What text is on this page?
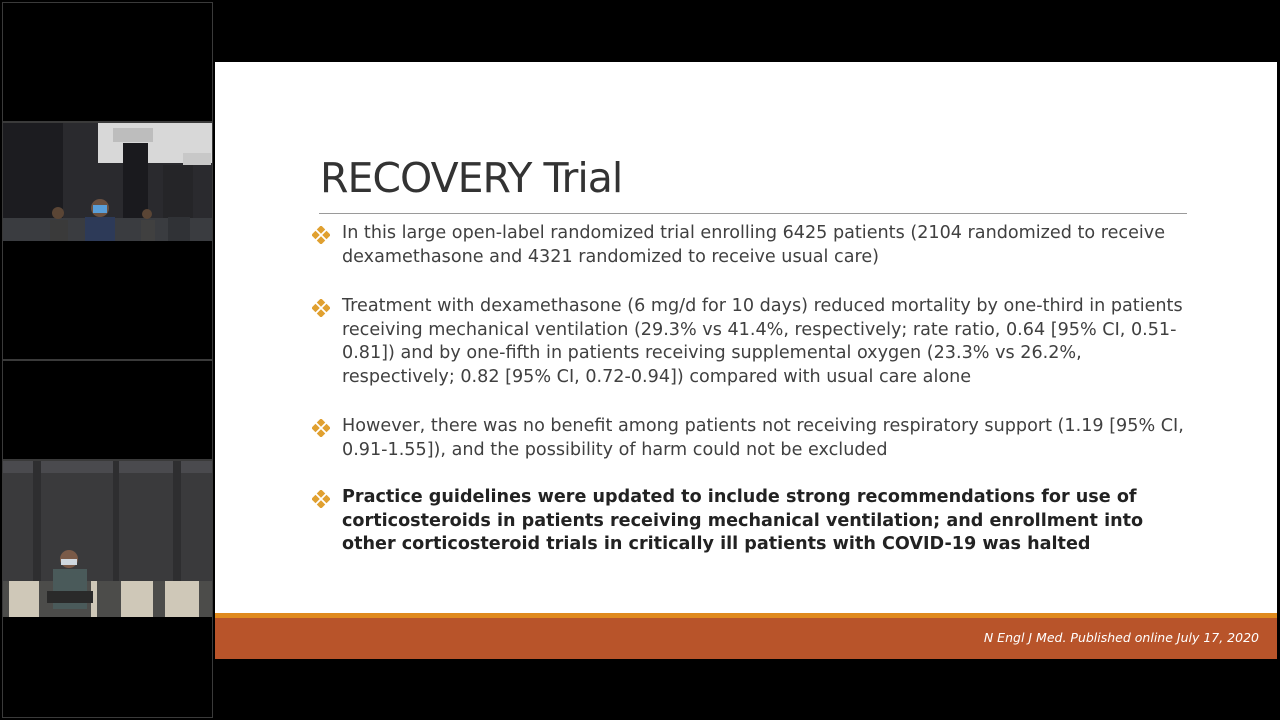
RECOVERY Trial
In this large open-label randomized trial enrolling 6425 patients (2104 randomized to receive dexamethasone and 4321 randomized to receive usual care)
Treatment with dexamethasone (6 mg/d for 10 days) reduced mortality by one-third in patients receiving mechanical ventilation (29.3% vs 41.4%, respectively; rate ratio, 0.64 [95% CI, 0.51-0.81]) and by one-fifth in patients receiving supplemental oxygen (23.3% vs 26.2%, respectively; 0.82 [95% CI, 0.72-0.94]) compared with usual care alone
However, there was no benefit among patients not receiving respiratory support (1.19 [95% CI, 0.91-1.55]), and the possibility of harm could not be excluded
Practice guidelines were updated to include strong recommendations for use of corticosteroids in patients receiving mechanical ventilation; and enrollment into other corticosteroid trials in critically ill patients with COVID-19 was halted
N Engl J Med. Published online July 17, 2020
